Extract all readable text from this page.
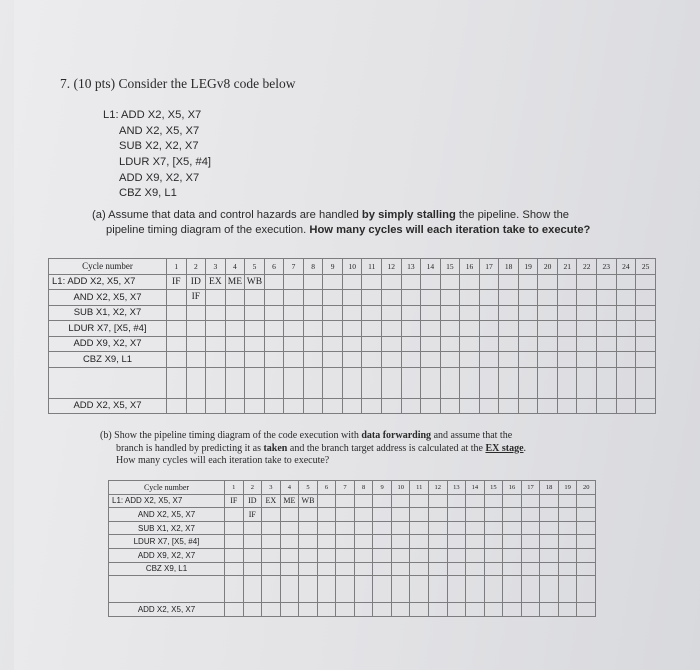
7. (10 pts) Consider the LEGv8 code below
L1: ADD X2, X5, X7
AND X2, X5, X7
SUB X2, X2, X7
LDUR X7, [X5, #4]
ADD X9, X2, X7
CBZ X9, L1
(a) Assume that data and control hazards are handled by simply stalling the pipeline. Show the
pipeline timing diagram of the execution. How many cycles will each iteration take to execute?
Cycle number	1	2	3	4	5	6	7	8	9	10	11	12	13	14	15	16	17	18	19	20	21	22	23	24	25
L1: ADD X2, X5, X7	IF	ID	EX	ME	WB																				
AND X2, X5, X7		IF																							
SUB X1, X2, X7																									
LDUR X7, [X5, #4]																									
ADD X9, X2, X7																									
CBZ X9, L1																									

ADD X2, X5, X7																									
(b) Show the pipeline timing diagram of the code execution with data forwarding and assume that the
branch is handled by predicting it as taken and the branch target address is calculated at the EX stage.
How many cycles will each iteration take to execute?
Cycle number	1	2	3	4	5	6	7	8	9	10	11	12	13	14	15	16	17	18	19	20
L1: ADD X2, X5, X7	IF	ID	EX	ME	WB															
AND X2, X5, X7		IF																		
SUB X1, X2, X7																				
LDUR X7, [X5, #4]																				
ADD X9, X2, X7																				
CBZ X9, L1																				

ADD X2, X5, X7																				
